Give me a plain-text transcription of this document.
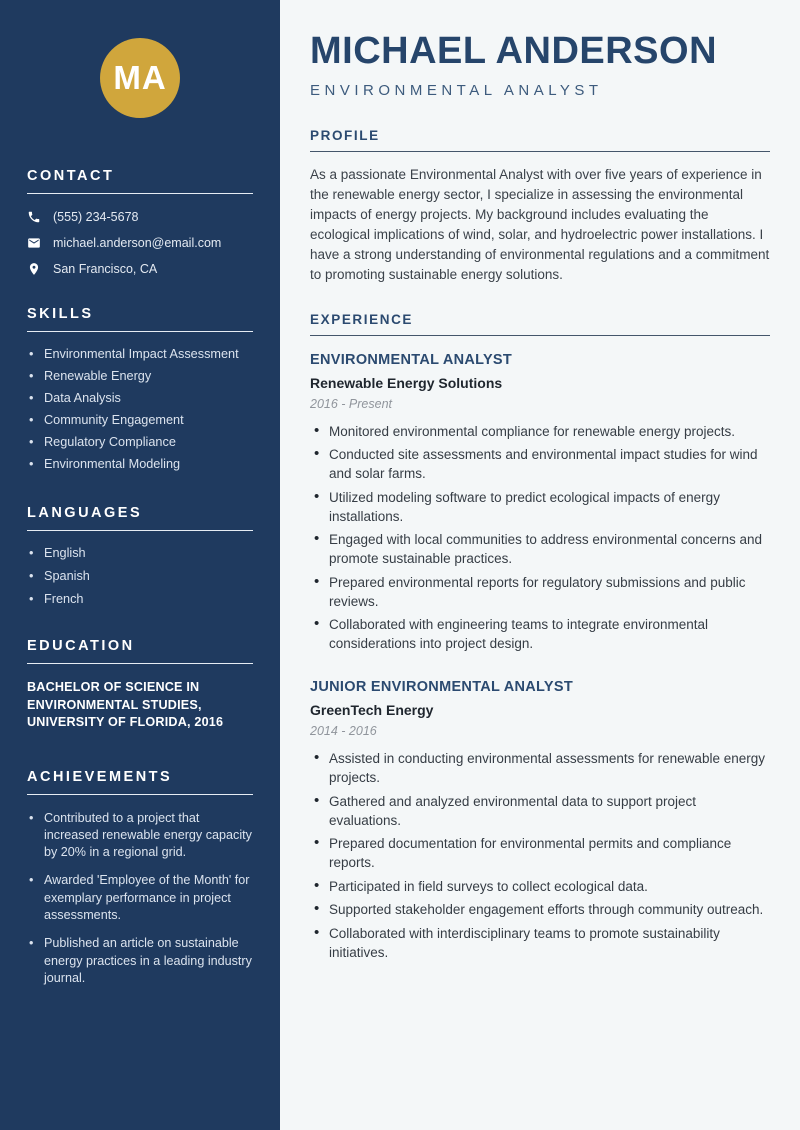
MA
CONTACT
(555) 234-5678
michael.anderson@email.com
San Francisco, CA
SKILLS
• Environmental Impact Assessment
• Renewable Energy
• Data Analysis
• Community Engagement
• Regulatory Compliance
• Environmental Modeling
LANGUAGES
• English
• Spanish
• French
EDUCATION
BACHELOR OF SCIENCE IN ENVIRONMENTAL STUDIES, UNIVERSITY OF FLORIDA, 2016
ACHIEVEMENTS
• Contributed to a project that increased renewable energy capacity by 20% in a regional grid.
• Awarded 'Employee of the Month' for exemplary performance in project assessments.
• Published an article on sustainable energy practices in a leading industry journal.
MICHAEL ANDERSON
ENVIRONMENTAL ANALYST
PROFILE

As a passionate Environmental Analyst with over five years of experience in the renewable energy sector, I specialize in assessing the environmental impacts of energy projects. My background includes evaluating the ecological implications of wind, solar, and hydroelectric power installations. I have a strong understanding of environmental regulations and a commitment to promoting sustainable energy solutions.

EXPERIENCE
ENVIRONMENTAL ANALYST
Renewable Energy Solutions
2016 - Present
• Monitored environmental compliance for renewable energy projects.
• Conducted site assessments and environmental impact studies for wind and solar farms.
• Utilized modeling software to predict ecological impacts of energy installations.
• Engaged with local communities to address environmental concerns and promote sustainable practices.
• Prepared environmental reports for regulatory submissions and public reviews.
• Collaborated with engineering teams to integrate environmental considerations into project design.
JUNIOR ENVIRONMENTAL ANALYST
GreenTech Energy
2014 - 2016
• Assisted in conducting environmental assessments for renewable energy projects.
• Gathered and analyzed environmental data to support project evaluations.
• Prepared documentation for environmental permits and compliance reports.
• Participated in field surveys to collect ecological data.
• Supported stakeholder engagement efforts through community outreach.
• Collaborated with interdisciplinary teams to promote sustainability initiatives.
